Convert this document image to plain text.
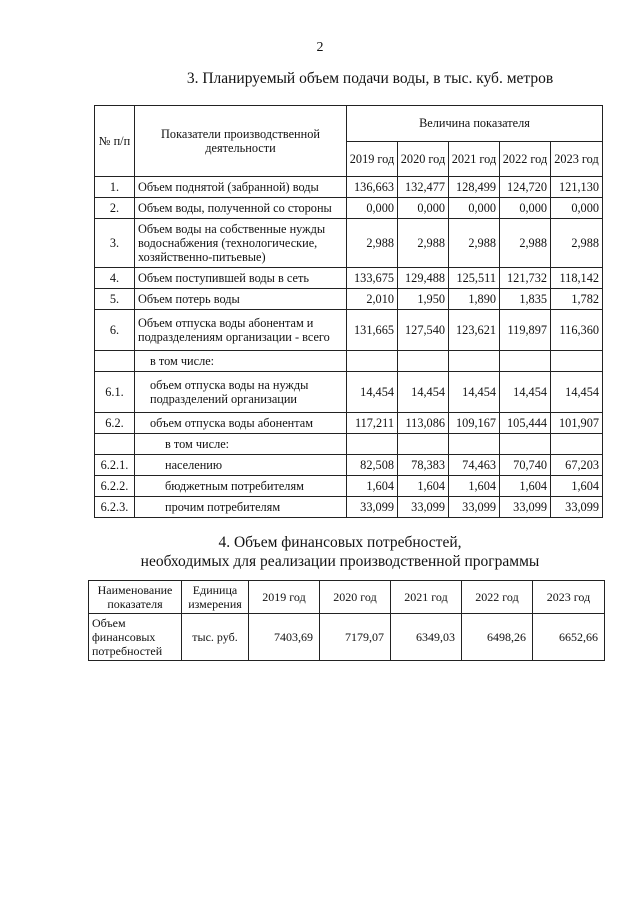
2
3. Планируемый объем подачи воды, в тыс. куб. метров
№ п/п	Показатели производственной деятельности	Величина показателя				
		2019 год	2020 год	2021 год	2022 год	2023 год
1.	Объем поднятой (забранной) воды	136,663	132,477	128,499	124,720	121,130
2.	Объем воды, полученной со стороны	0,000	0,000	0,000	0,000	0,000
3.	Объем воды на собственные нужды водоснабжения (технологические, хозяйственно-питьевые)	2,988	2,988	2,988	2,988	2,988
4.	Объем поступившей воды в сеть	133,675	129,488	125,511	121,732	118,142
5.	Объем потерь воды	2,010	1,950	1,890	1,835	1,782
6.	Объем отпуска воды абонентам и подразделениям организации - всего	131,665	127,540	123,621	119,897	116,360
	в том числе:					
6.1.	объем отпуска воды на нужды подразделений организации	14,454	14,454	14,454	14,454	14,454
6.2.	объем отпуска воды абонентам	117,211	113,086	109,167	105,444	101,907
	в том числе:					
6.2.1.	населению	82,508	78,383	74,463	70,740	67,203
6.2.2.	бюджетным потребителям	1,604	1,604	1,604	1,604	1,604
6.2.3.	прочим потребителям	33,099	33,099	33,099	33,099	33,099
4. Объем финансовых потребностей,
необходимых для реализации производственной программы
Наименование показателя	Единица измерения	2019 год	2020 год	2021 год	2022 год	2023 год
Объем финансовых потребностей	тыс. руб.	7403,69	7179,07	6349,03	6498,26	6652,66
